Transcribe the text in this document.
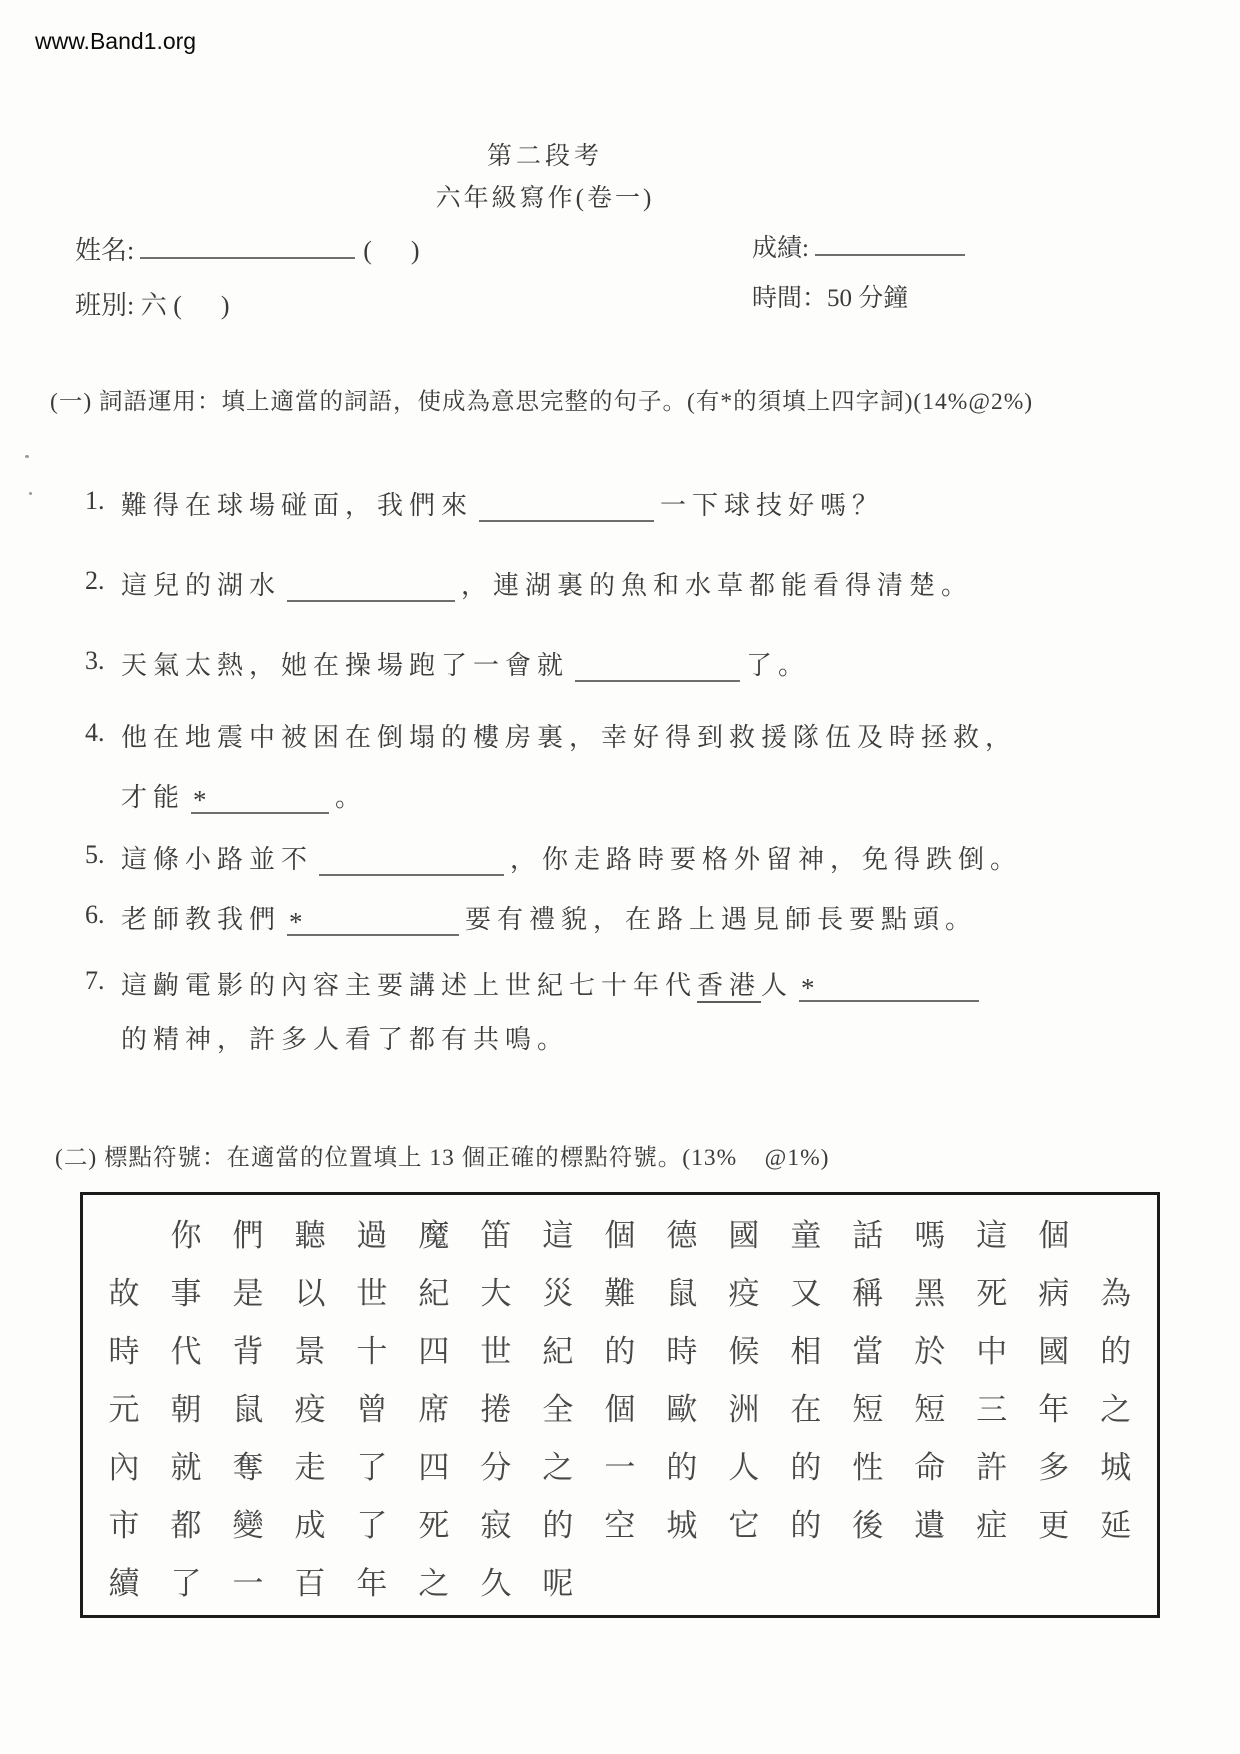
www.Band1.org
第二段考
六年級寫作(卷一)
姓名:	(      )
班別: 六 (      )
成績:
時間：50 分鐘
(一) 詞語運用：填上適當的詞語，使成為意思完整的句子。(有*的須填上四字詞)(14%@2%)
1. 難得在球場碰面，我們來	一下球技好嗎？
2. 這兒的湖水	，連湖裏的魚和水草都能看得清楚。
3. 天氣太熱，她在操場跑了一會就	了。
4. 他在地震中被困在倒塌的樓房裏，幸好得到救援隊伍及時拯救，
才能 *	。
5. 這條小路並不	，你走路時要格外留神，免得跌倒。
6. 老師教我們 *	要有禮貌，在路上遇見師長要點頭。
7. 這齣電影的內容主要講述上世紀七十年代香港人 *
的精神，許多人看了都有共鳴。
(二) 標點符號：在適當的位置填上 13 個正確的標點符號。(13%    @1%)

你 們 聽 過 魔 笛 這 個 德 國 童 話 嗎 這 個
故 事 是 以 世 紀 大 災 難 鼠 疫 又 稱 黑 死 病 為
時 代 背 景 十 四 世 紀 的 時 候 相 當 於 中 國 的
元 朝 鼠 疫 曾 席 捲 全 個 歐 洲 在 短 短 三 年 之
內 就 奪 走 了 四 分 之 一 的 人 的 性 命 許 多 城
市 都 變 成 了 死 寂 的 空 城 它 的 後 遺 症 更 延
續 了 一 百 年 之 久 呢
